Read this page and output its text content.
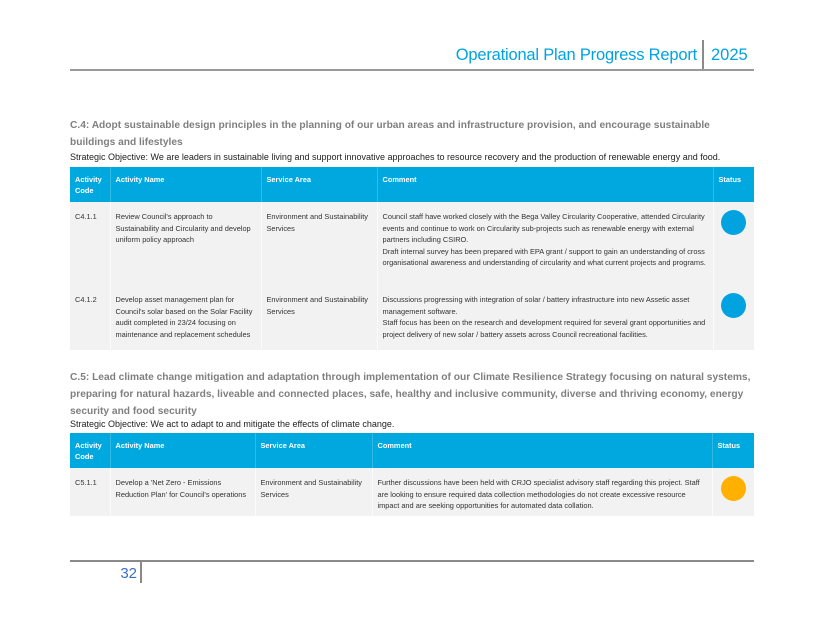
Operational Plan Progress Report 2025
C.4: Adopt sustainable design principles in the planning of our urban areas and infrastructure provision, and encourage sustainable buildings and lifestyles
Strategic Objective: We are leaders in sustainable living and support innovative approaches to resource recovery and the production of renewable energy and food.
Activity Code	Activity Name	Service Area	Comment	Status
C4.1.1	Review Council's approach to Sustainability and Circularity and develop uniform policy approach	Environment and Sustainability Services	Council staff have worked closely with the Bega Valley Circularity Cooperative, attended Circularity events and continue to work on Circularity sub-projects such as renewable energy with external partners including CSIRO.
Draft internal survey has been prepared with EPA grant / support to gain an understanding of cross organisational awareness and understanding of circularity and what current projects and programs.	

C4.1.2	Develop asset management plan for Council's solar based on the Solar Facility audit completed in 23/24 focusing on maintenance and replacement schedules	Environment and Sustainability Services	Discussions progressing with integration of solar / battery infrastructure into new Assetic asset management software.
Staff focus has been on the research and development required for several grant opportunities and project delivery of new solar / battery assets across Council recreational facilities.	

C.5: Lead climate change mitigation and adaptation through implementation of our Climate Resilience Strategy focusing on natural systems, preparing for natural hazards, liveable and connected places, safe, healthy and inclusive community, diverse and thriving economy, energy security and food security
Strategic Objective: We act to adapt to and mitigate the effects of climate change.
Activity Code	Activity Name	Service Area	Comment	Status
C5.1.1	Develop a 'Net Zero - Emissions Reduction Plan' for Council's operations	Environment and Sustainability Services	Further discussions have been held with CRJO specialist advisory staff regarding this project. Staff are looking to ensure required data collection methodologies do not create excessive resource impact and are seeking opportunities for automated data collation.	

32
